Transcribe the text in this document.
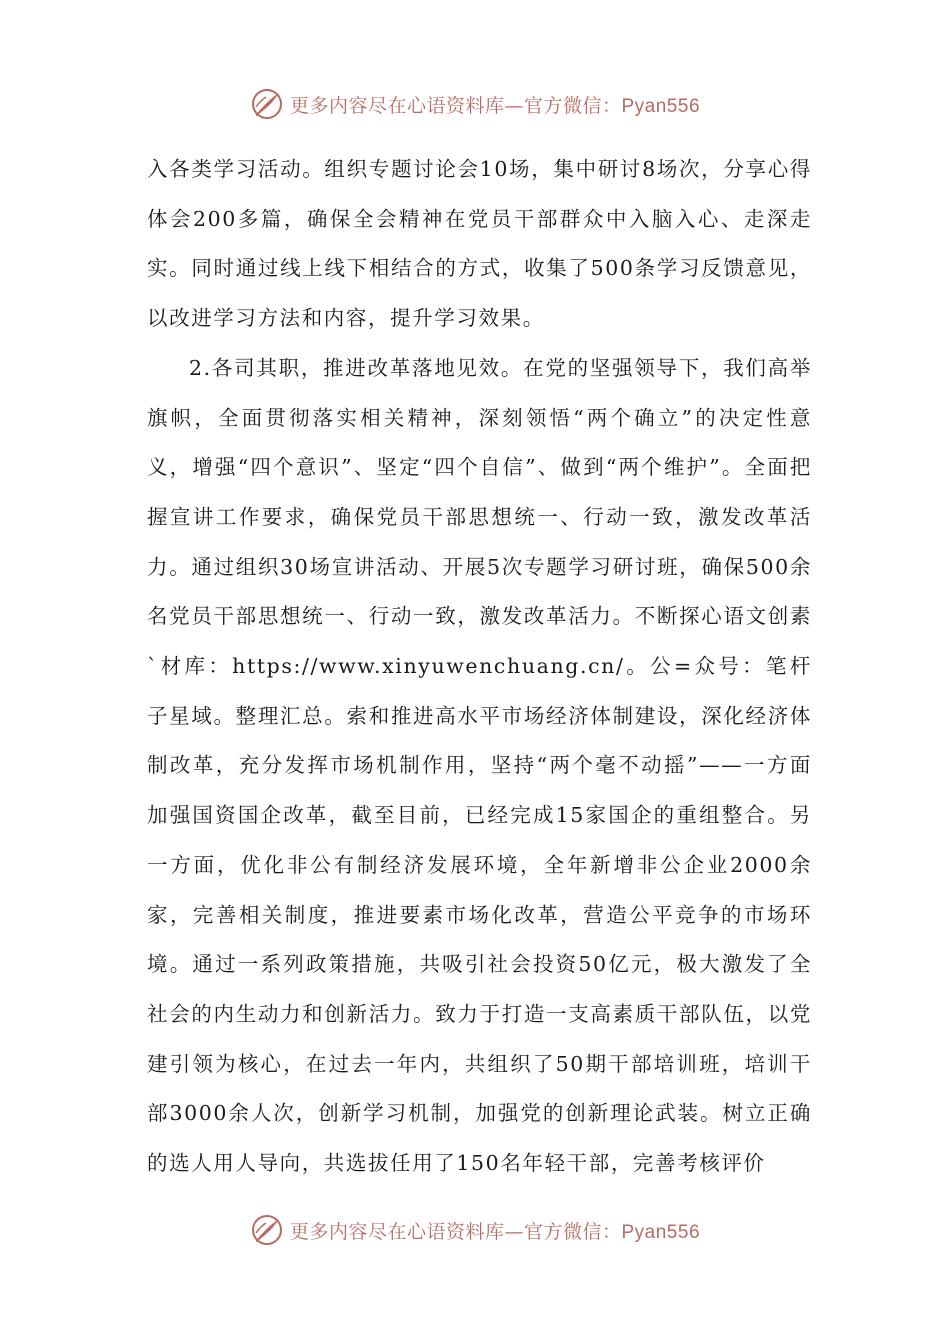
更多内容尽在心语资料库—官方微信：Pyan556

入各类学习活动。组织专题讨论会10场，集中研讨8场次，分享心得体会200多篇，确保全会精神在党员干部群众中入脑入心、走深走实。同时通过线上线下相结合的方式，收集了500条学习反馈意见，以改进学习方法和内容，提升学习效果。

2.各司其职，推进改革落地见效。在党的坚强领导下，我们高举旗帜，全面贯彻落实相关精神，深刻领悟“两个确立”的决定性意义，增强“四个意识”、坚定“四个自信”、做到“两个维护”。全面把握宣讲工作要求，确保党员干部思想统一、行动一致，激发改革活力。通过组织30场宣讲活动、开展5次专题学习研讨班，确保500余名党员干部思想统一、行动一致，激发改革活力。不断探心语文创素`材库：https://www.xinyuwenchuang.cn/。公=众号：笔杆子星域。整理汇总。索和推进高水平市场经济体制建设，深化经济体制改革，充分发挥市场机制作用，坚持“两个毫不动摇”——一方面加强国资国企改革，截至目前，已经完成15家国企的重组整合。另一方面，优化非公有制经济发展环境，全年新增非公企业2000余家，完善相关制度，推进要素市场化改革，营造公平竞争的市场环境。通过一系列政策措施，共吸引社会投资50亿元，极大激发了全社会的内生动力和创新活力。致力于打造一支高素质干部队伍，以党建引领为核心，在过去一年内，共组织了50期干部培训班，培训干部3000余人次，创新学习机制，加强党的创新理论武装。树立正确的选人用人导向，共选拔任用了150名年轻干部，完善考核评价

更多内容尽在心语资料库—官方微信：Pyan556
